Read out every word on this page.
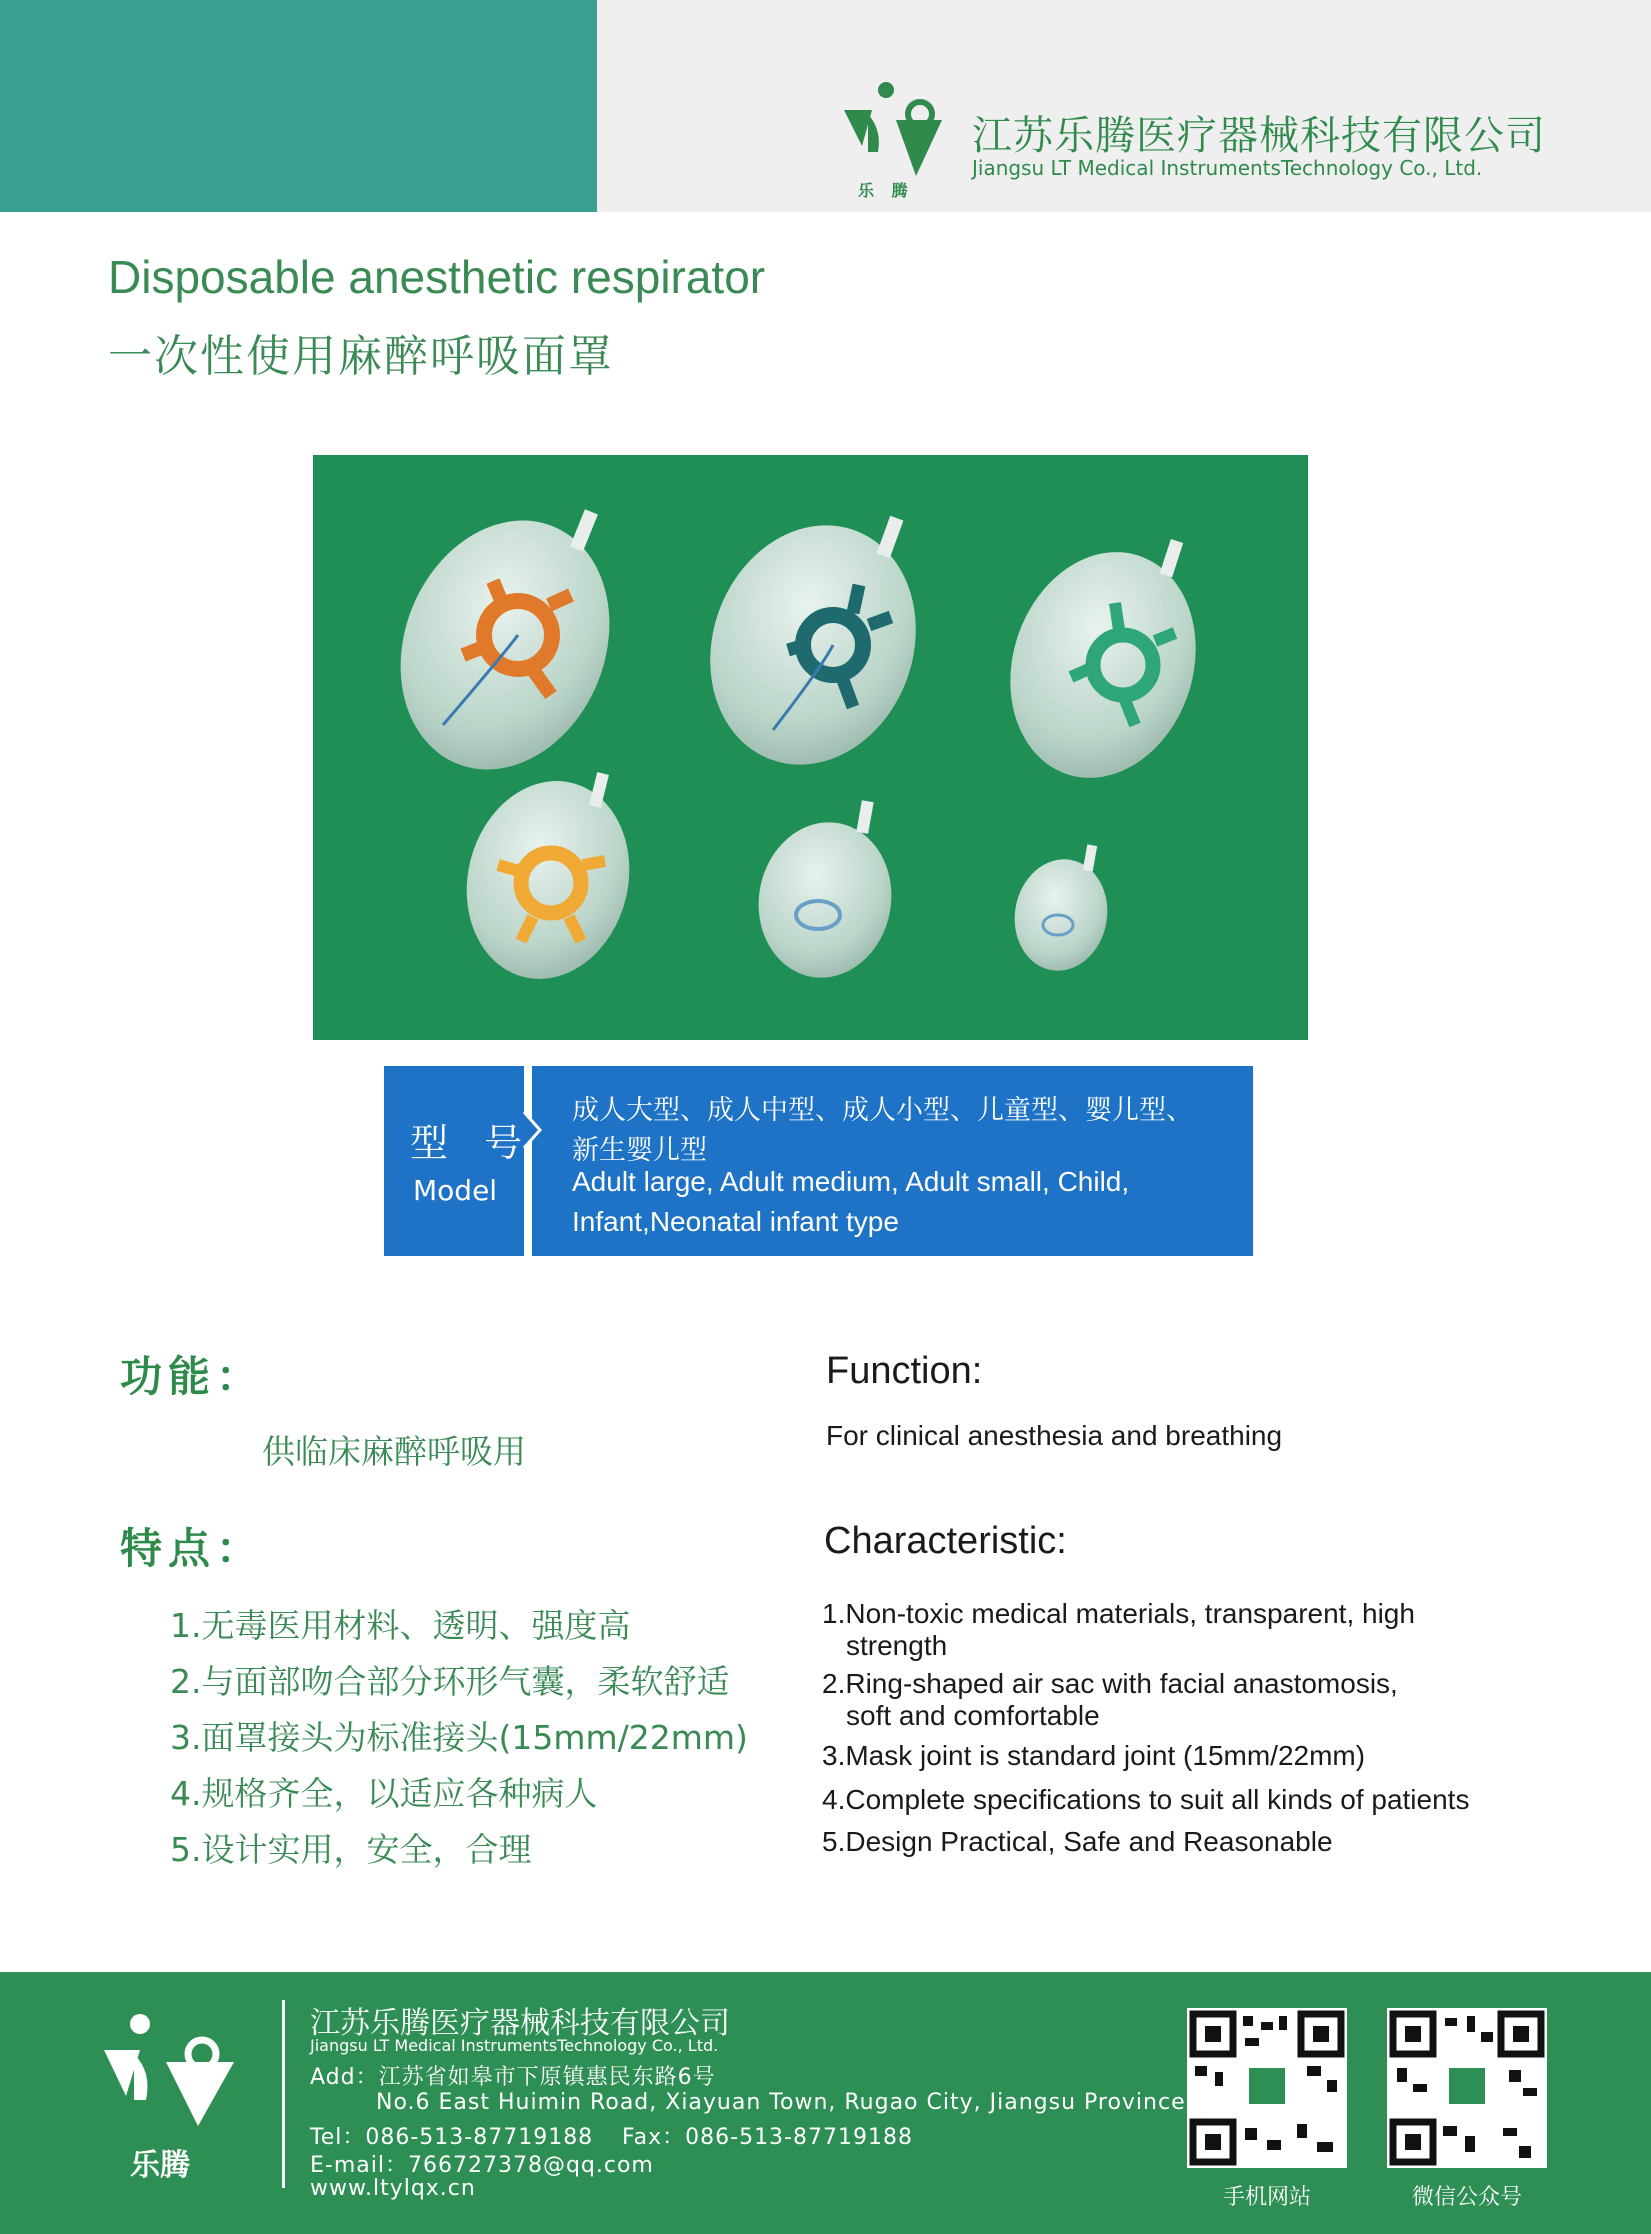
乐 腾
江苏乐腾医疗器械科技有限公司
Jiangsu LT Medical InstrumentsTechnology Co., Ltd.
Disposable anesthetic respirator
一次性使用麻醉呼吸面罩
型 号
Model
成人大型、成人中型、成人小型、儿童型、婴儿型、
新生婴儿型
Adult large, Adult medium, Adult small, Child,
Infant,Neonatal infant type
功能：
供临床麻醉呼吸用
Function:
For clinical anesthesia and breathing
特点：	Characteristic:
1.无毒医用材料、透明、强度高
2.与面部吻合部分环形气囊，柔软舒适
3.面罩接头为标准接头(15mm/22mm)
4.规格齐全，以适应各种病人
5.设计实用，安全，合理
1.Non-toxic medical materials, transparent, high
strength
2.Ring-shaped air sac with facial anastomosis,
soft and comfortable
3.Mask joint is standard joint (15mm/22mm)
4.Complete specifications to suit all kinds of patients
5.Design Practical, Safe and Reasonable
乐腾
江苏乐腾医疗器械科技有限公司
Jiangsu LT Medical InstrumentsTechnology Co., Ltd.
Add：江苏省如皋市下原镇惠民东路6号
No.6 East Huimin Road, Xiayuan Town, Rugao City, Jiangsu Province
Tel：086-513-87719188 Fax：086-513-87719188
E-mail：766727378@qq.com
www.ltylqx.cn	手机网站	微信公众号
